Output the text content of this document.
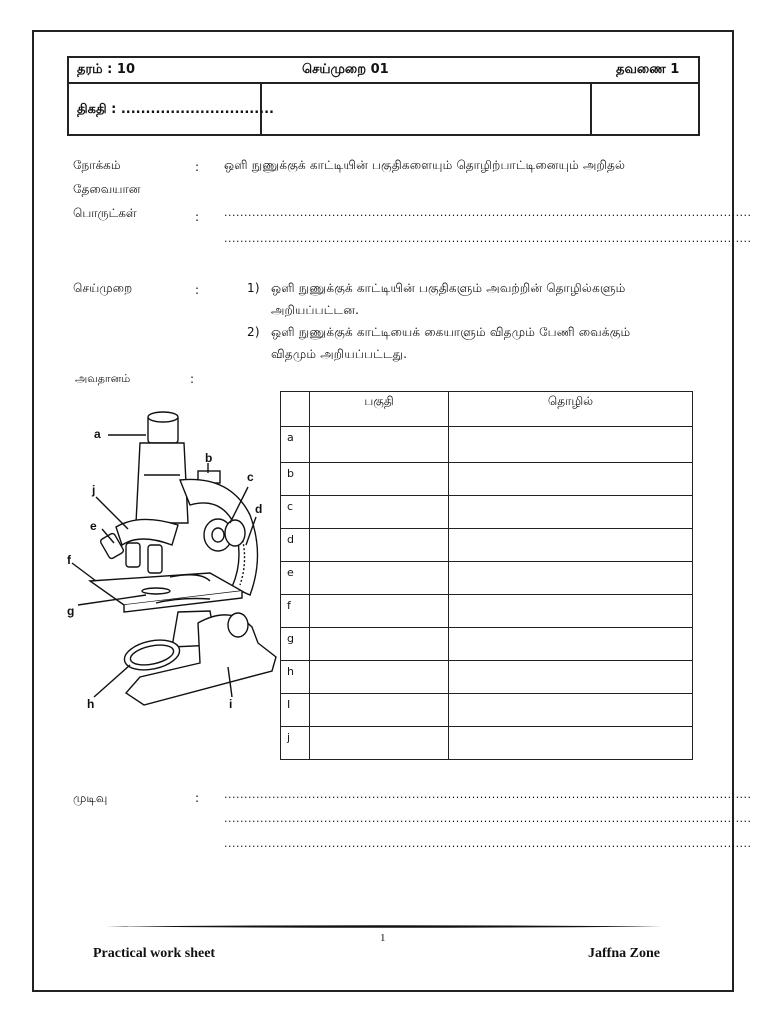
தரம் : 10	செய்முறை 01	தவணை 1
திகதி : ...............................
நோக்கம்	: ஒளி நுணுக்குக் காட்டியின் பகுதிகளையும் தொழிற்பாட்டினையும் அறிதல்
தேவையான
பொருட்கள்	: ....................................................................................................................................
....................................................................................................................................
செய்முறை	:	1) ஒளி நுணுக்குக் காட்டியின் பகுதிகளும் அவற்றின் தொழில்களும்
அறியப்பட்டன.
2) ஒளி நுணுக்குக் காட்டியைக் கையாளும் விதமும் பேணி வைக்கும்
விதமும் அறியப்பட்டது.
அவதானம்	:
	பகுதி	தொழில்
a		
b		
c		
d		
e		
f		
g		
h		
I		
j		
a
b
c
d
e
f
g
h	i
j
முடிவு	: ....................................................................................................................................
....................................................................................................................................
....................................................................................................................................
1
Practical work sheet	Jaffna Zone
